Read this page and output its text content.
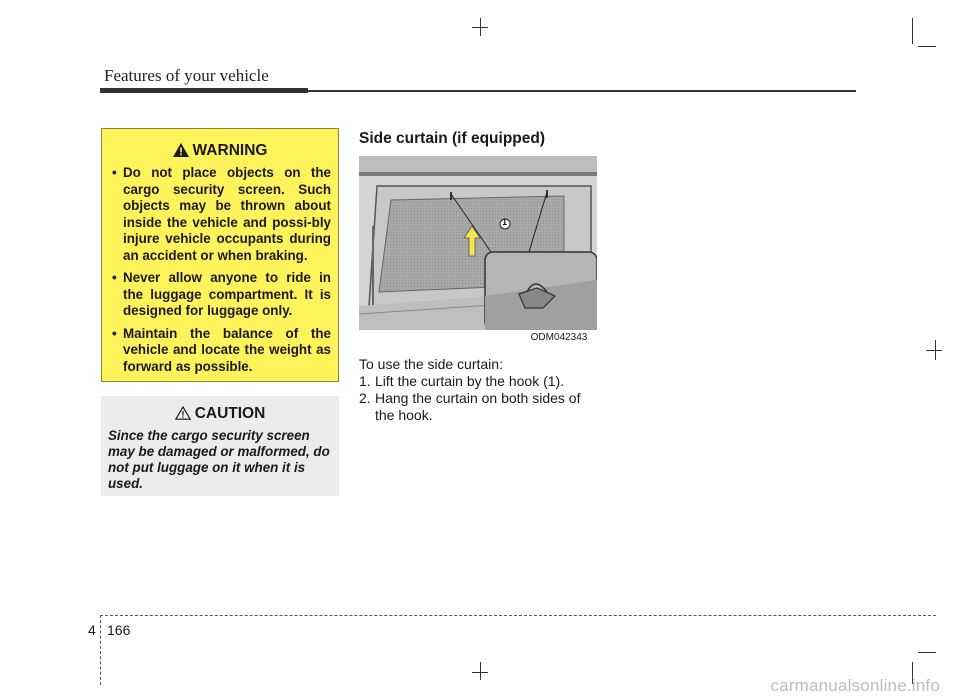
Features of your vehicle
WARNING
• Do not place objects on the cargo security screen. Such objects may be thrown about inside the vehicle and possi-bly injure vehicle occupants during an accident or when braking.
• Never allow anyone to ride in the luggage compartment. It is designed for luggage only.
• Maintain the balance of the vehicle and locate the weight as forward as possible.
CAUTION
Since the cargo security screen may be damaged or malformed, do not put luggage on it when it is used.
Side curtain (if equipped)
1
ODM042343
To use the side curtain:
1. Lift the curtain by the hook (1).
2. Hang the curtain on both sides of the hook.
4 166
carmanualsonline.info
